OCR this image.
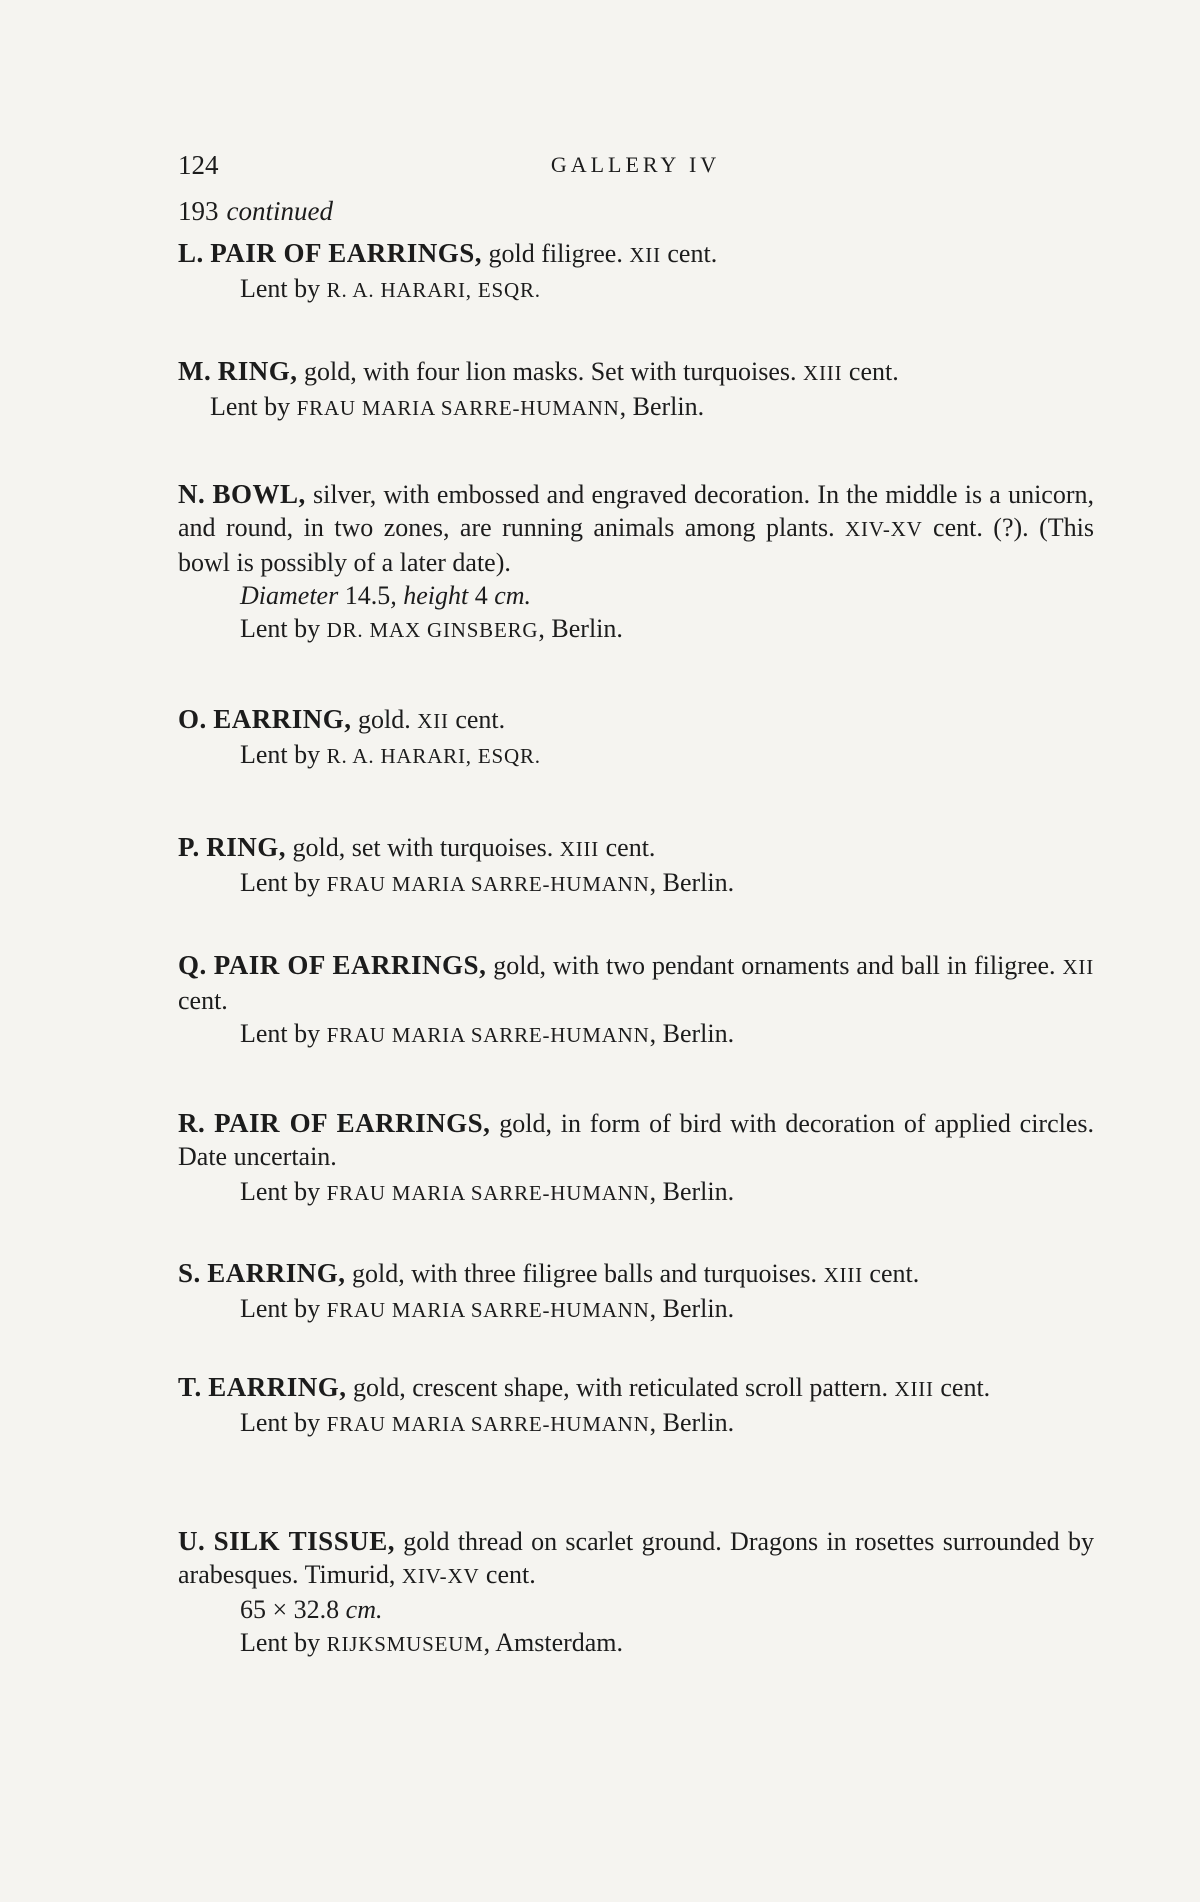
124	GALLERY IV
193 continued
L. PAIR OF EARRINGS, gold filigree. XII cent.
Lent by R. A. HARARI, ESQR.
M. RING, gold, with four lion masks. Set with turquoises. XIII cent.
Lent by FRAU MARIA SARRE-HUMANN, Berlin.
N. BOWL, silver, with embossed and engraved decoration. In the middle is a unicorn, and round, in two zones, are running animals among plants. XIV-XV cent. (?). (This bowl is possibly of a later date).
Diameter 14.5, height 4 cm.
Lent by DR. MAX GINSBERG, Berlin.
O. EARRING, gold. XII cent.
Lent by R. A. HARARI, ESQR.
P. RING, gold, set with turquoises. XIII cent.
Lent by FRAU MARIA SARRE-HUMANN, Berlin.
Q. PAIR OF EARRINGS, gold, with two pendant ornaments and ball in filigree. XII cent.
Lent by FRAU MARIA SARRE-HUMANN, Berlin.
R. PAIR OF EARRINGS, gold, in form of bird with decoration of applied circles. Date uncertain.
Lent by FRAU MARIA SARRE-HUMANN, Berlin.
S. EARRING, gold, with three filigree balls and turquoises. XIII cent.
Lent by FRAU MARIA SARRE-HUMANN, Berlin.
T. EARRING, gold, crescent shape, with reticulated scroll pattern. XIII cent.
Lent by FRAU MARIA SARRE-HUMANN, Berlin.
U. SILK TISSUE, gold thread on scarlet ground. Dragons in rosettes surrounded by arabesques. Timurid, XIV-XV cent.
65 × 32.8 cm.
Lent by RIJKSMUSEUM, Amsterdam.
